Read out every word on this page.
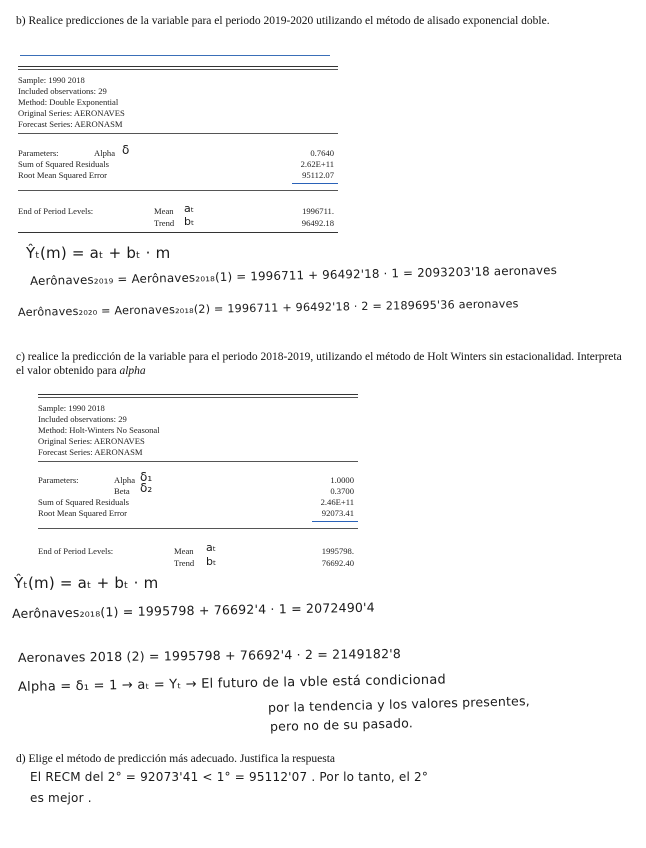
b) Realice predicciones de la variable para el periodo 2019-2020 utilizando el método de alisado exponencial doble.
Sample: 1990 2018
Included observations: 29
Method: Double Exponential
Original Series: AERONAVES
Forecast Series: AERONASM
Parameters:	Alpha δ	0.7640
Sum of Squared Residuals	2.62E+11
Root Mean Squared Error	95112.07
End of Period Levels:	Mean aₜ	1996711.
Trend bₜ	96492.18
Ŷₜ(m) = aₜ + bₜ · m
Aerônaves₂₀₁₉ = Aerônaves₂₀₁₈(1) = 1996711 + 96492'18 · 1 = 2093203'18 aeronaves
Aerônaves₂₀₂₀ = Aeronaves₂₀₁₈(2) = 1996711 + 96492'18 · 2 = 2189695'36 aeronaves
c) realice la predicción de la variable para el periodo 2018-2019, utilizando el método de Holt Winters sin estacionalidad. Interpreta el valor obtenido para alpha
Sample: 1990 2018
Included observations: 29
Method: Holt-Winters No Seasonal
Original Series: AERONAVES
Forecast Series: AERONASM
Parameters:	Alpha δ₁	1.0000
Beta δ₂	0.3700
Sum of Squared Residuals	2.46E+11
Root Mean Squared Error	92073.41
End of Period Levels:	Mean aₜ	1995798.
Trend bₜ	76692.40
Ŷₜ(m) = aₜ + bₜ · m
Aerônaves₂₀₁₈(1) = 1995798 + 76692'4 · 1 = 2072490'4
Aeronaves 2018 (2) = 1995798 + 76692'4 · 2 = 2149182'8
Alpha = δ₁ = 1 → aₜ = Yₜ → El futuro de la vble está condicionad
por la tendencia y los valores presentes,
pero no de su pasado.
d) Elige el método de predicción más adecuado. Justifica la respuesta
El RECM del 2° = 92073'41 < 1° = 95112'07 . Por lo tanto, el 2°
es mejor .
